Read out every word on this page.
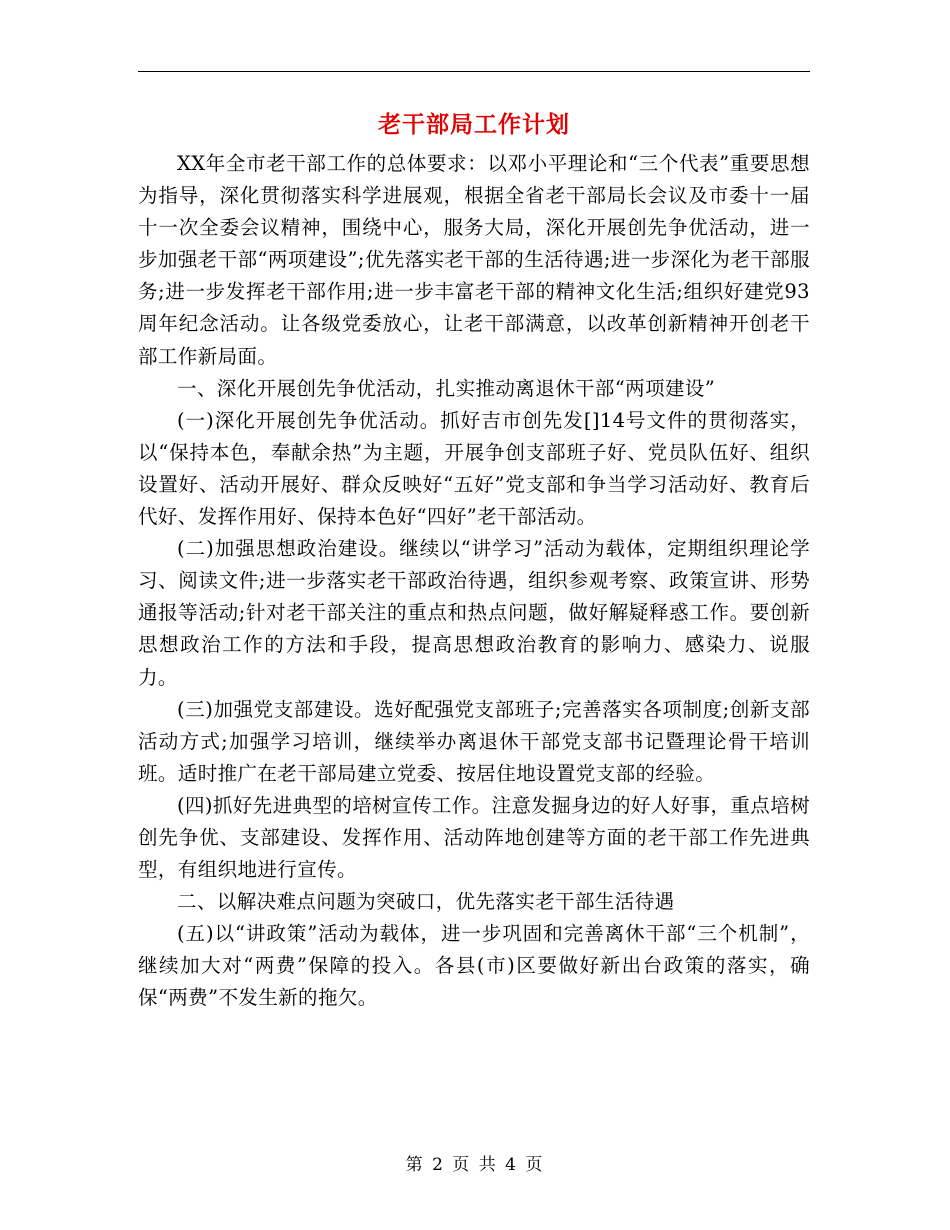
老干部局工作计划

XX年全市老干部工作的总体要求：以邓小平理论和“三个代表”重要思想为指导，深化贯彻落实科学进展观，根据全省老干部局长会议及市委十一届十一次全委会议精神，围绕中心，服务大局，深化开展创先争优活动，进一步加强老干部“两项建设”;优先落实老干部的生活待遇;进一步深化为老干部服务;进一步发挥老干部作用;进一步丰富老干部的精神文化生活;组织好建党93周年纪念活动。让各级党委放心，让老干部满意，以改革创新精神开创老干部工作新局面。

一、深化开展创先争优活动，扎实推动离退休干部“两项建设”

(一)深化开展创先争优活动。抓好吉市创先发[]14号文件的贯彻落实，以“保持本色，奉献余热”为主题，开展争创支部班子好、党员队伍好、组织设置好、活动开展好、群众反映好“五好”党支部和争当学习活动好、教育后代好、发挥作用好、保持本色好“四好”老干部活动。

(二)加强思想政治建设。继续以“讲学习”活动为载体，定期组织理论学习、阅读文件;进一步落实老干部政治待遇，组织参观考察、政策宣讲、形势通报等活动;针对老干部关注的重点和热点问题，做好解疑释惑工作。要创新思想政治工作的方法和手段，提高思想政治教育的影响力、感染力、说服力。

(三)加强党支部建设。选好配强党支部班子;完善落实各项制度;创新支部活动方式;加强学习培训，继续举办离退休干部党支部书记暨理论骨干培训班。适时推广在老干部局建立党委、按居住地设置党支部的经验。

(四)抓好先进典型的培树宣传工作。注意发掘身边的好人好事，重点培树创先争优、支部建设、发挥作用、活动阵地创建等方面的老干部工作先进典型，有组织地进行宣传。

二、以解决难点问题为突破口，优先落实老干部生活待遇

(五)以“讲政策”活动为载体，进一步巩固和完善离休干部“三个机制”，继续加大对“两费”保障的投入。各县(市)区要做好新出台政策的落实，确保“两费”不发生新的拖欠。

第 2 页 共 4 页
